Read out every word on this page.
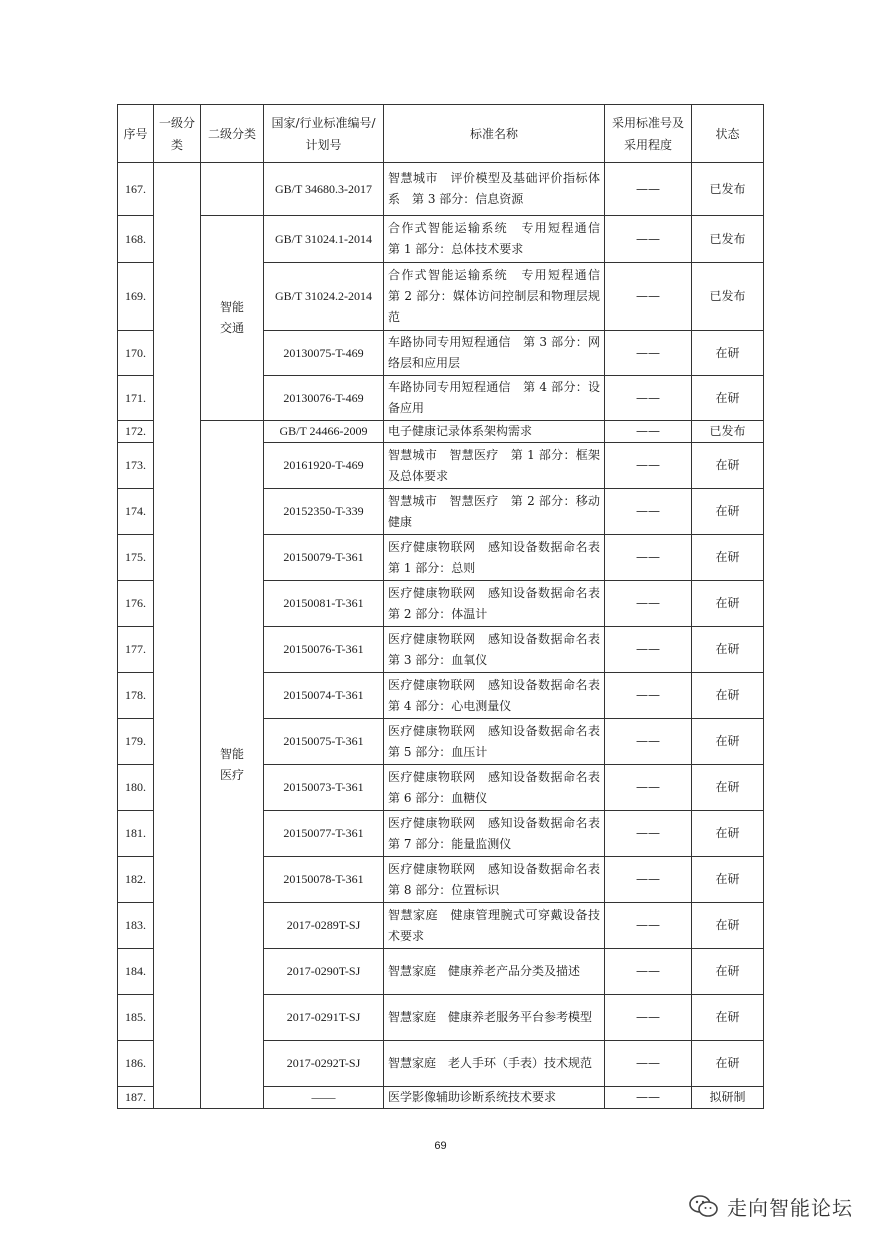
序号	一级分类	二级分类	国家/行业标准编号/计划号	标准名称	采用标准号及采用程度	状态
167.			GB/T 34680.3-2017	智慧城市　评价模型及基础评价指标体系　第 3 部分：信息资源	——	已发布
168.		智能交通	GB/T 31024.1-2014	合作式智能运输系统　专用短程通信　第 1 部分：总体技术要求	——	已发布
169.			GB/T 31024.2-2014	合作式智能运输系统　专用短程通信　第 2 部分：媒体访问控制层和物理层规范	——	已发布
170.			20130075-T-469	车路协同专用短程通信　第 3 部分：网络层和应用层	——	在研
171.			20130076-T-469	车路协同专用短程通信　第 4 部分：设备应用	——	在研
172.		智能医疗	GB/T 24466-2009	电子健康记录体系架构需求	——	已发布
173.			20161920-T-469	智慧城市　智慧医疗　第 1 部分：框架及总体要求	——	在研
174.			20152350-T-339	智慧城市　智慧医疗　第 2 部分：移动健康	——	在研
175.			20150079-T-361	医疗健康物联网　感知设备数据命名表　第 1 部分：总则	——	在研
176.			20150081-T-361	医疗健康物联网　感知设备数据命名表　第 2 部分：体温计	——	在研
177.			20150076-T-361	医疗健康物联网　感知设备数据命名表　第 3 部分：血氧仪	——	在研
178.			20150074-T-361	医疗健康物联网　感知设备数据命名表　第 4 部分：心电测量仪	——	在研
179.			20150075-T-361	医疗健康物联网　感知设备数据命名表　第 5 部分：血压计	——	在研
180.			20150073-T-361	医疗健康物联网　感知设备数据命名表　第 6 部分：血糖仪	——	在研
181.			20150077-T-361	医疗健康物联网　感知设备数据命名表　第 7 部分：能量监测仪	——	在研
182.			20150078-T-361	医疗健康物联网　感知设备数据命名表　第 8 部分：位置标识	——	在研
183.			2017-0289T-SJ	智慧家庭　健康管理腕式可穿戴设备技术要求	——	在研
184.			2017-0290T-SJ	智慧家庭　健康养老产品分类及描述	——	在研
185.			2017-0291T-SJ	智慧家庭　健康养老服务平台参考模型	——	在研
186.			2017-0292T-SJ	智慧家庭　老人手环（手表）技术规范	——	在研
187.			——	医学影像辅助诊断系统技术要求	——	拟研制
69
走向智能论坛
